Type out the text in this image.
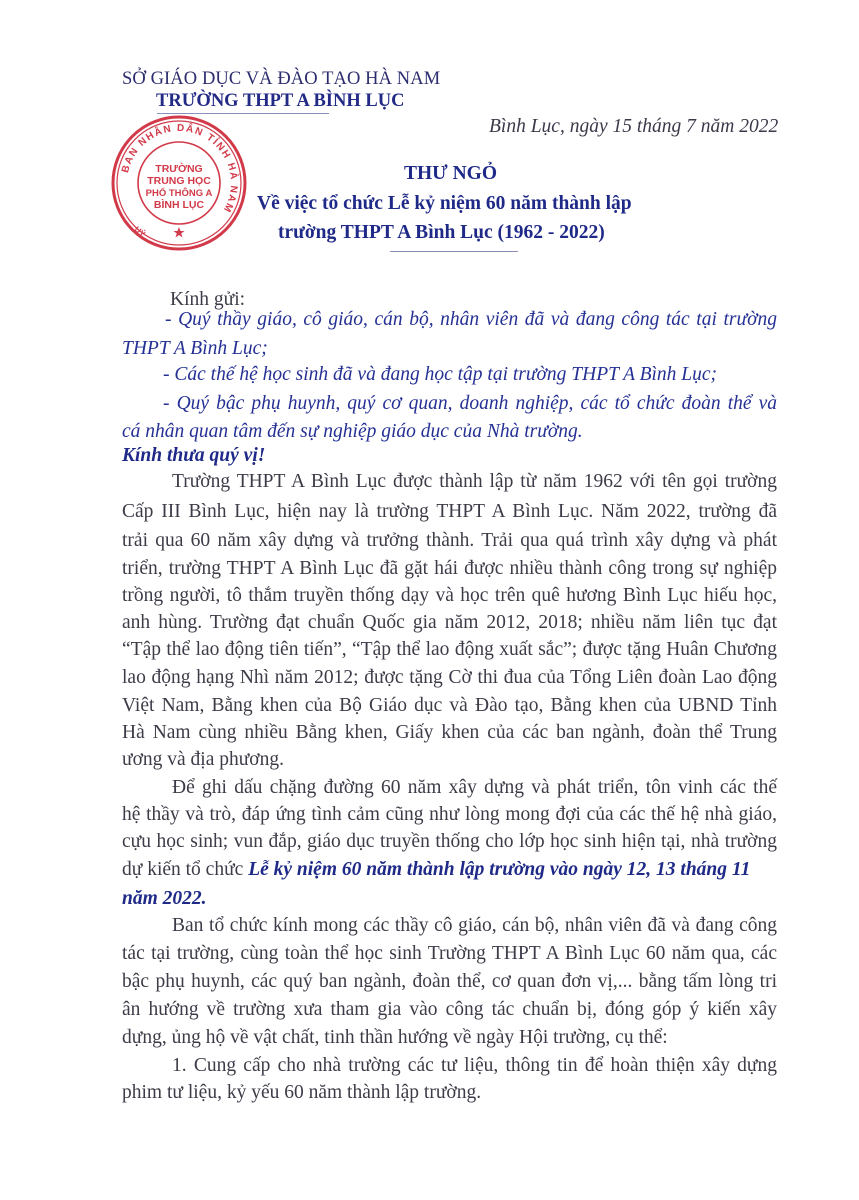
SỞ GIÁO DỤC VÀ ĐÀO TẠO HÀ NAM
TRƯỜNG THPT A BÌNH LỤC
BAN NHÂN DÂN TỈNH HÀ NAM
UỶ
TRƯỜNG
TRUNG HỌC
PHỔ THÔNG A
BÌNH LỤC
Bình Lục, ngày 15 tháng 7 năm 2022
THƯ NGỎ
Về việc tổ chức Lễ kỷ niệm 60 năm thành lập
trường THPT A Bình Lục (1962 - 2022)
Kính gửi:
- Quý thầy giáo, cô giáo, cán bộ, nhân viên đã và đang công tác tại trường
THPT A Bình Lục;
- Các thế hệ học sinh đã và đang học tập tại trường THPT A Bình Lục;
- Quý bậc phụ huynh, quý cơ quan, doanh nghiệp, các tổ chức đoàn thể và
cá nhân quan tâm đến sự nghiệp giáo dục của Nhà trường.
Kính thưa quý vị!
Trường THPT A Bình Lục được thành lập từ năm 1962 với tên gọi trường
Cấp III Bình Lục, hiện nay là trường THPT A Bình Lục. Năm 2022, trường đã
trải qua 60 năm xây dựng và trưởng thành. Trải qua quá trình xây dựng và phát
triển, trường THPT A Bình Lục đã gặt hái được nhiều thành công trong sự nghiệp
trồng người, tô thắm truyền thống dạy và học trên quê hương Bình Lục hiếu học,
anh hùng. Trường đạt chuẩn Quốc gia năm 2012, 2018; nhiều năm liên tục đạt
“Tập thể lao động tiên tiến”, “Tập thể lao động xuất sắc”; được tặng Huân Chương
lao động hạng Nhì năm 2012; được tặng Cờ thi đua của Tổng Liên đoàn Lao động
Việt Nam, Bằng khen của Bộ Giáo dục và Đào tạo, Bằng khen của UBND Tỉnh
Hà Nam cùng nhiều Bằng khen, Giấy khen của các ban ngành, đoàn thể Trung
ương và địa phương.
Để ghi dấu chặng đường 60 năm xây dựng và phát triển, tôn vinh các thế
hệ thầy và trò, đáp ứng tình cảm cũng như lòng mong đợi của các thế hệ nhà giáo,
cựu học sinh; vun đắp, giáo dục truyền thống cho lớp học sinh hiện tại, nhà trường
dự kiến tổ chức Lễ kỷ niệm 60 năm thành lập trường vào ngày 12, 13 tháng 11
năm 2022.
Ban tổ chức kính mong các thầy cô giáo, cán bộ, nhân viên đã và đang công
tác tại trường, cùng toàn thể học sinh Trường THPT A Bình Lục 60 năm qua, các
bậc phụ huynh, các quý ban ngành, đoàn thể, cơ quan đơn vị,... bằng tấm lòng tri
ân hướng về trường xưa tham gia vào công tác chuẩn bị, đóng góp ý kiến xây
dựng, ủng hộ về vật chất, tinh thần hướng về ngày Hội trường, cụ thể:
1. Cung cấp cho nhà trường các tư liệu, thông tin để hoàn thiện xây dựng
phim tư liệu, kỷ yếu 60 năm thành lập trường.
